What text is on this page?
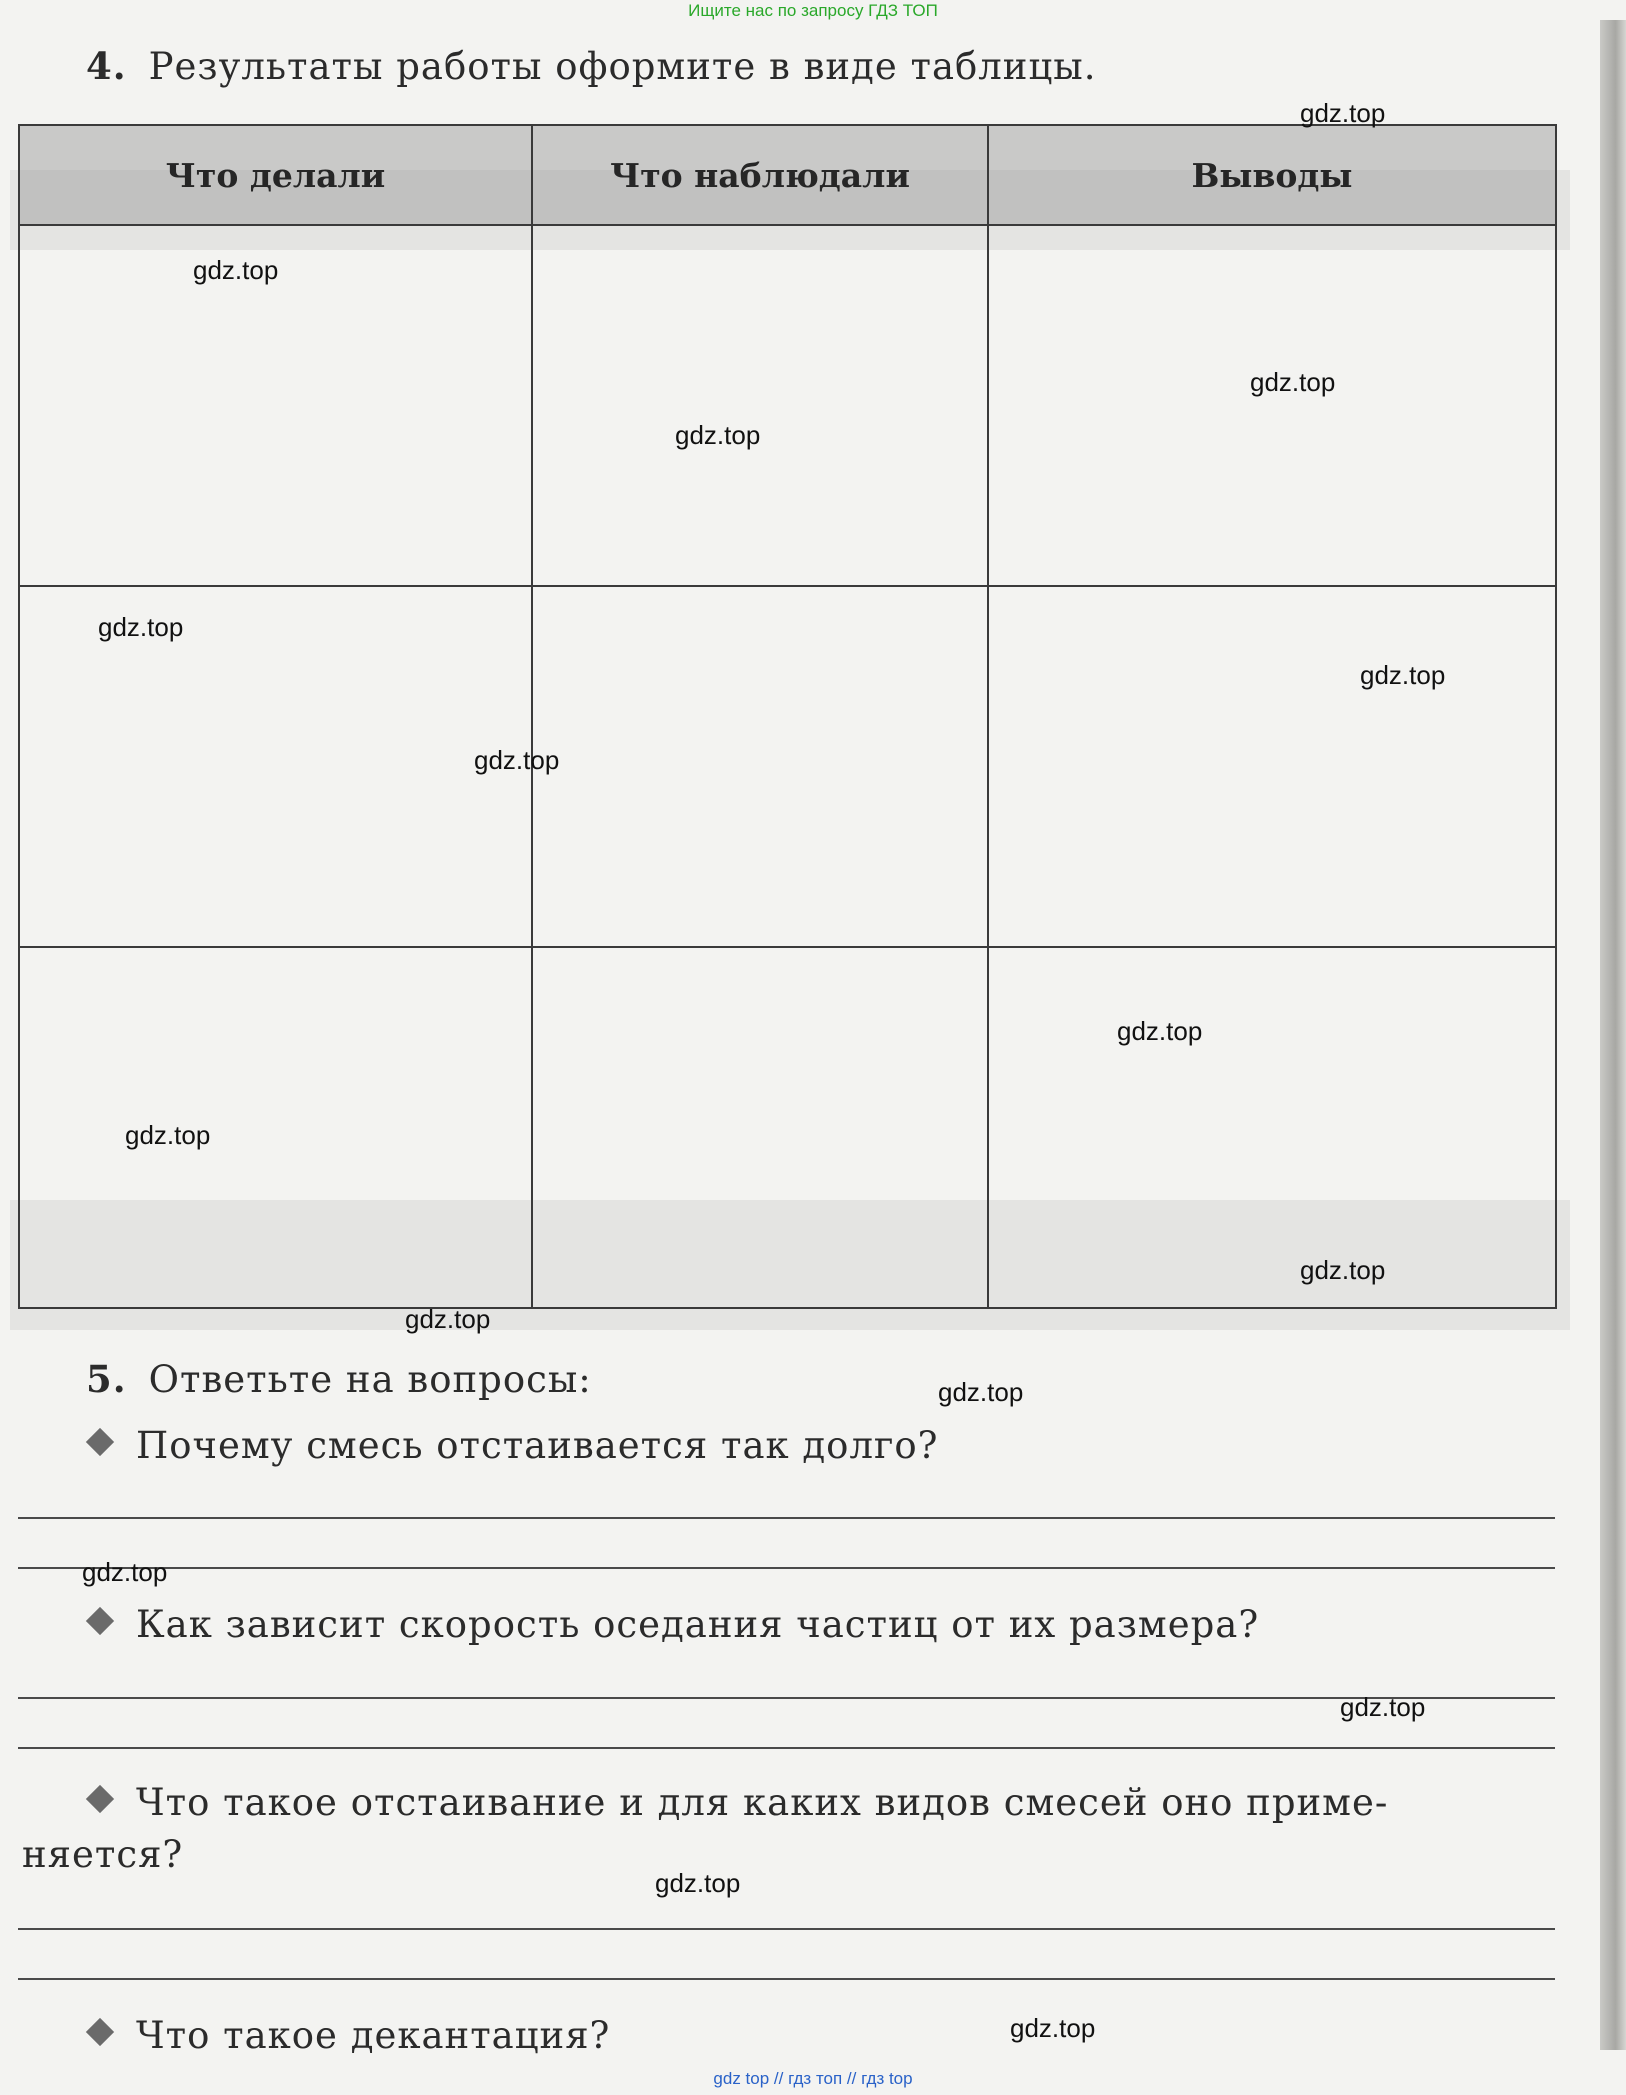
Ищите нас по запросу ГДЗ ТОП
4. Результаты работы оформите в виде таблицы.
Что делали	Что наблюдали	Выводы

5. Ответьте на вопросы:
Почему смесь отстаивается так долго?
Как зависит скорость оседания частиц от их размера?
Что такое отстаивание и для каких видов смесей оно приме-
няется?
Что такое декантация?
gdz.top
gdz.top
gdz.top
gdz.top
gdz.top
gdz.top
gdz.top
gdz.top
gdz.top
gdz.top
gdz.top
gdz.top
gdz.top
gdz.top
gdz.top
gdz.top
gdz top // гдз топ // гдз top
